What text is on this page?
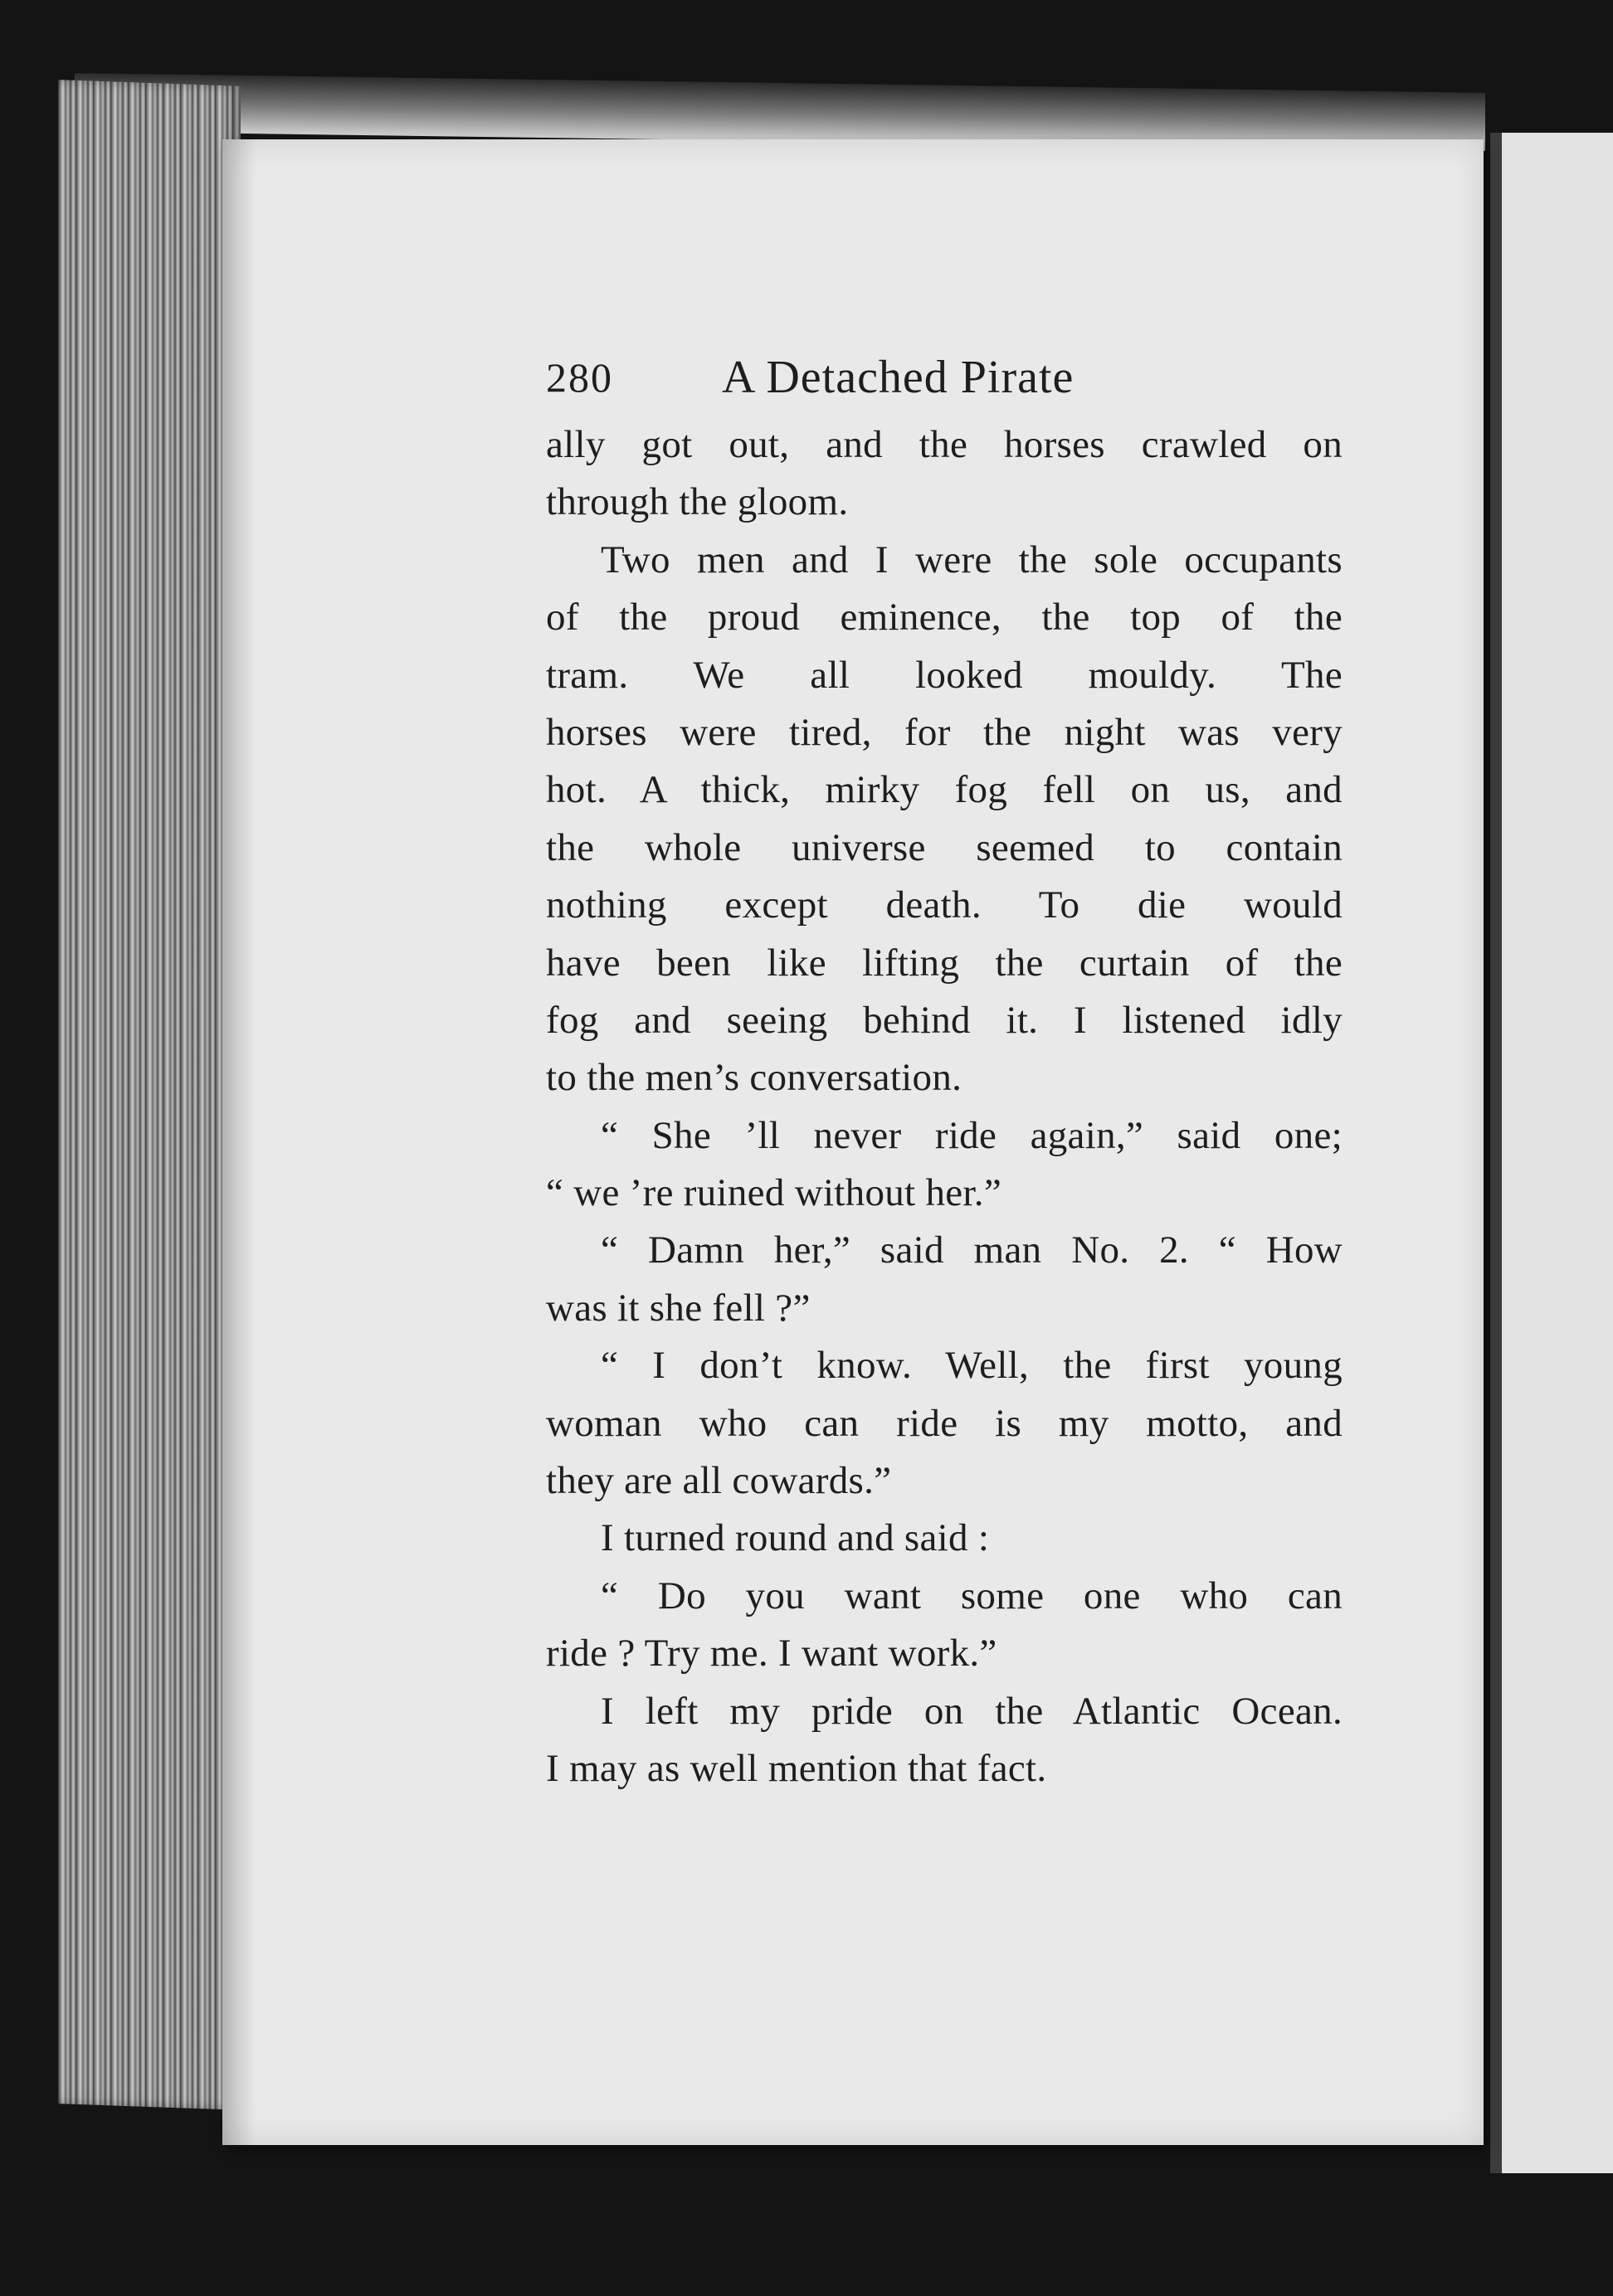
280 A Detached Pirate
ally got out, and the horses crawled on
through the gloom.
Two men and I were the sole occupants
of the proud eminence, the top of the
tram. We all looked mouldy. The
horses were tired, for the night was very
hot. A thick, mirky fog fell on us, and
the whole universe seemed to contain
nothing except death. To die would
have been like lifting the curtain of the
fog and seeing behind it. I listened idly
to the men’s conversation.
“ She ’ll never ride again,” said one;
“ we ’re ruined without her.”
“ Damn her,” said man No. 2. “ How
was it she fell ?”
“ I don’t know. Well, the first young
woman who can ride is my motto, and
they are all cowards.”
I turned round and said :
“ Do you want some one who can
ride ? Try me. I want work.”
I left my pride on the Atlantic Ocean.
I may as well mention that fact.
